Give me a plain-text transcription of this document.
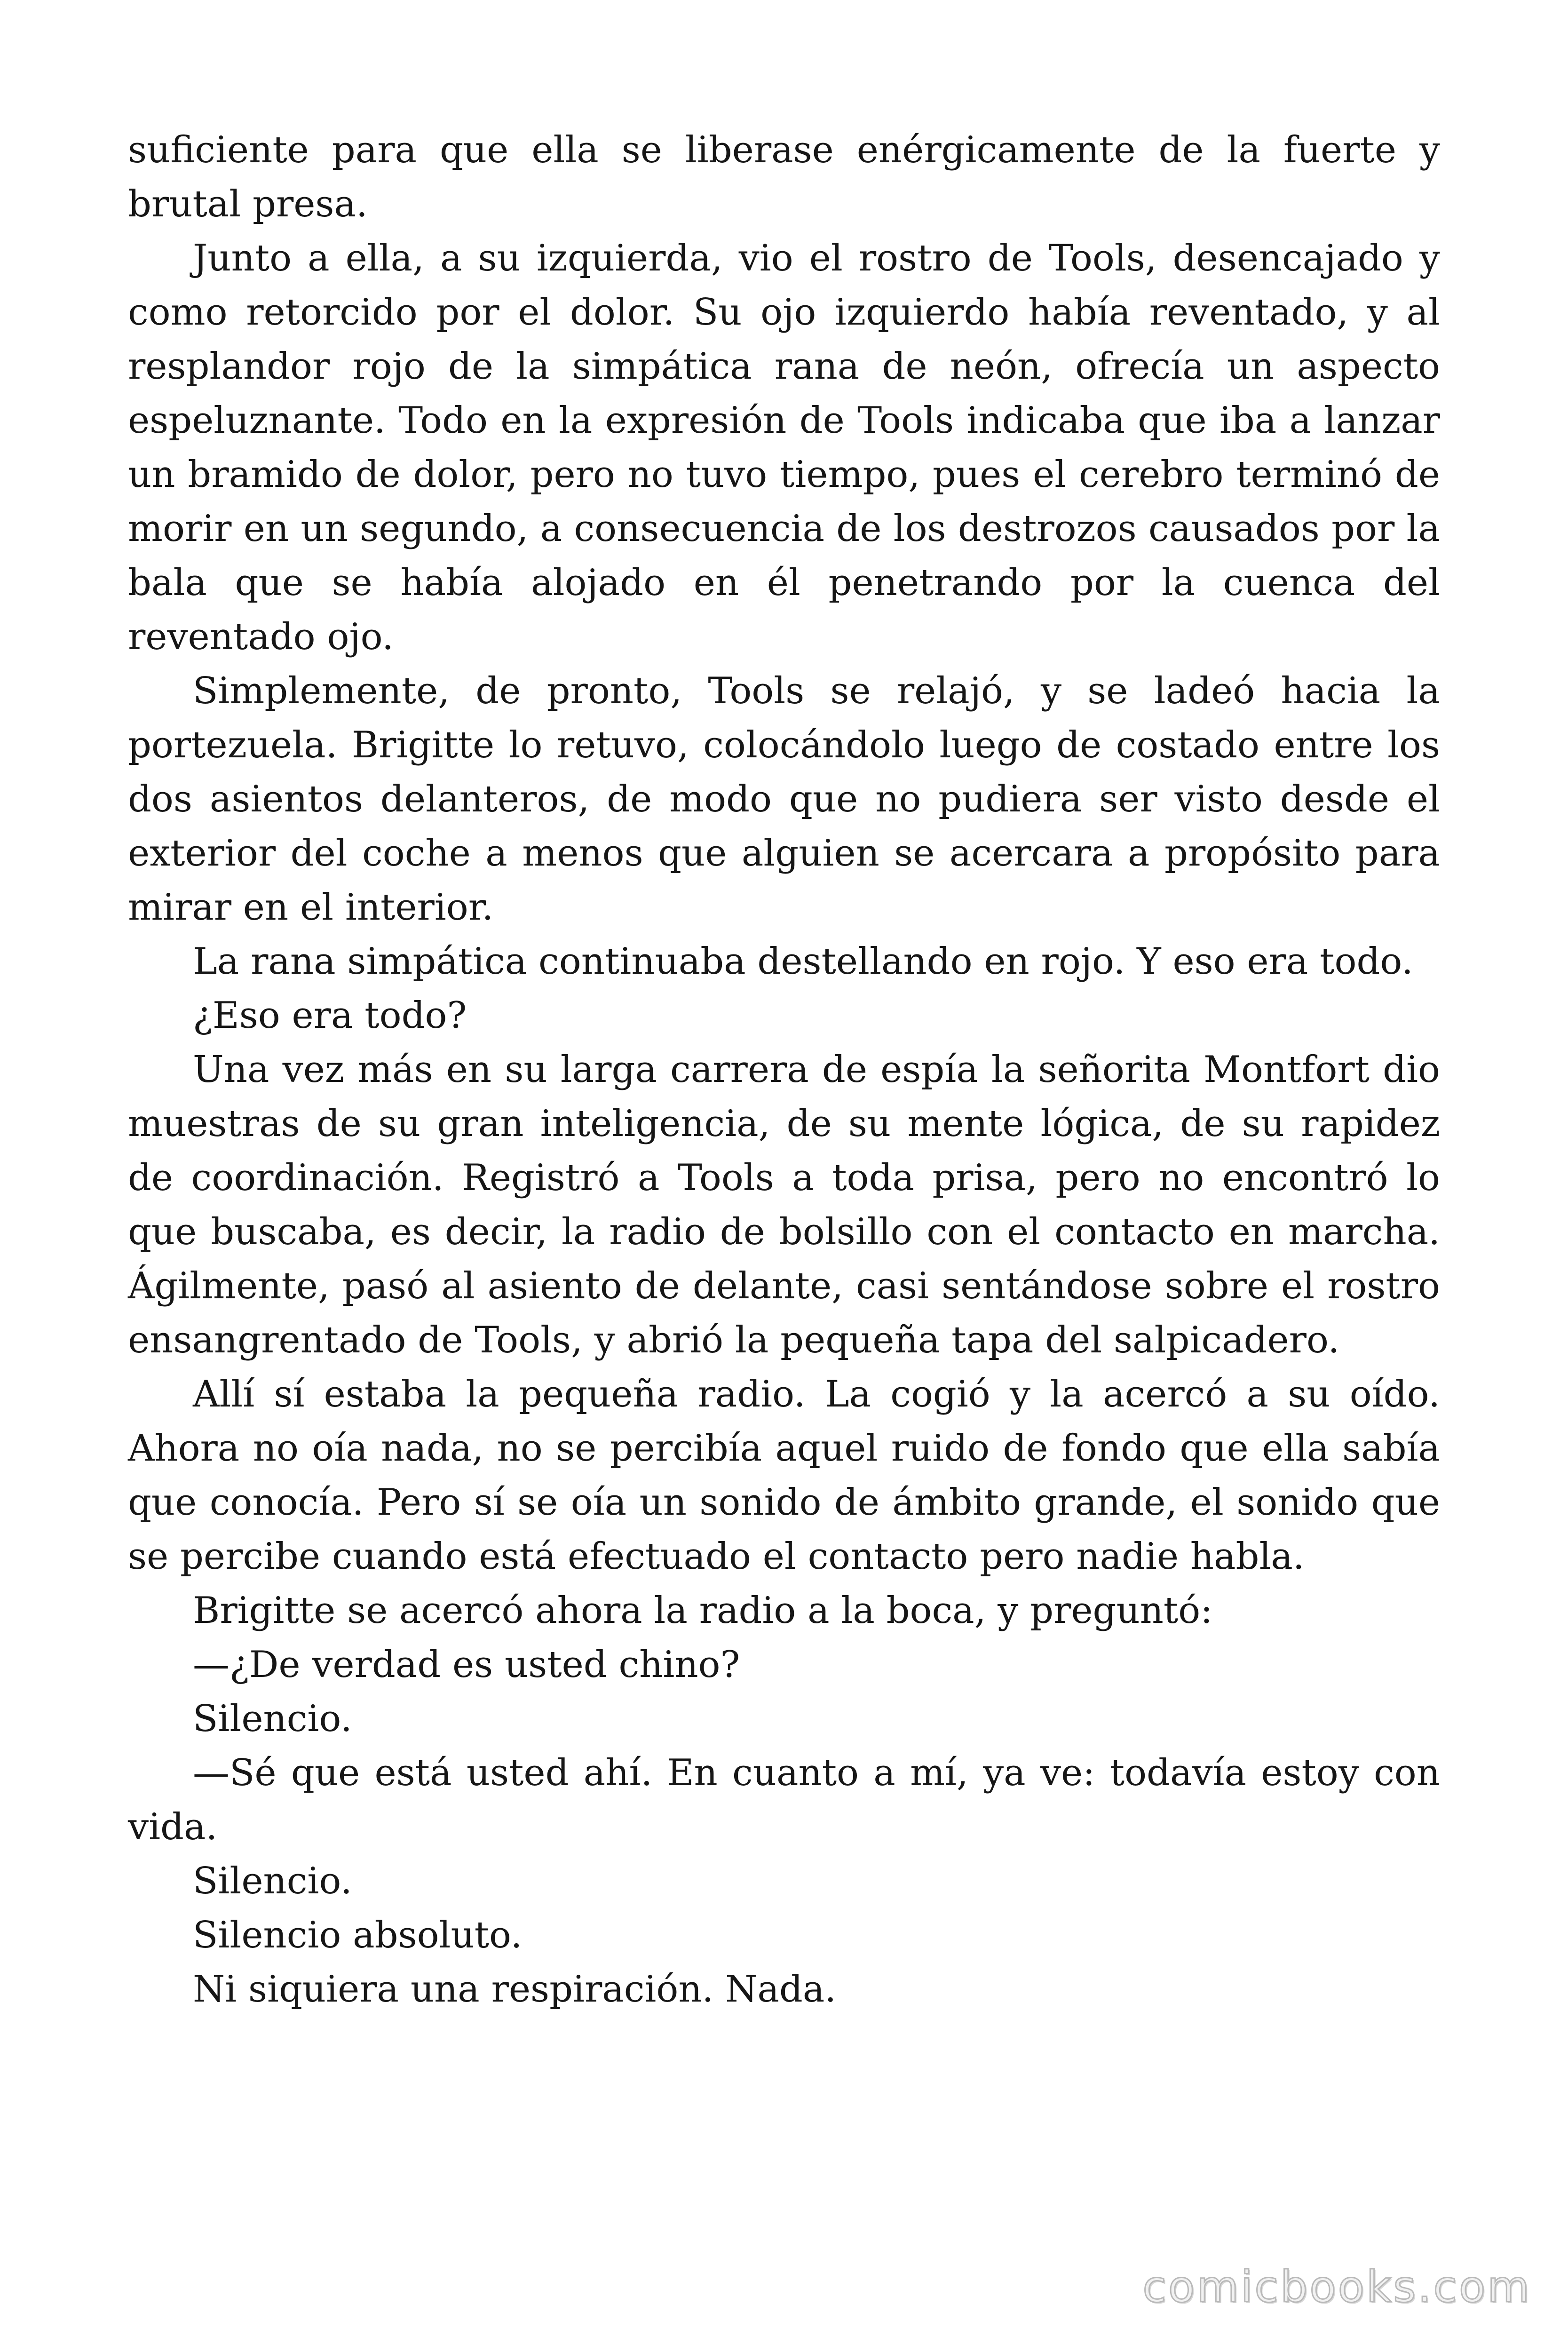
suficiente para que ella se liberase enérgicamente de la fuerte y brutal presa.

Junto a ella, a su izquierda, vio el rostro de Tools, desencajado y como retorcido por el dolor. Su ojo izquierdo había reventado, y al resplandor rojo de la simpática rana de neón, ofrecía un aspecto espeluznante. Todo en la expresión de Tools indicaba que iba a lanzar un bramido de dolor, pero no tuvo tiempo, pues el cerebro terminó de morir en un segundo, a consecuencia de los destrozos causados por la bala que se había alojado en él penetrando por la cuenca del reventado ojo.

Simplemente, de pronto, Tools se relajó, y se ladeó hacia la portezuela. Brigitte lo retuvo, colocándolo luego de costado entre los dos asientos delanteros, de modo que no pudiera ser visto desde el exterior del coche a menos que alguien se acercara a propósito para mirar en el interior.

La rana simpática continuaba destellando en rojo. Y eso era todo.

¿Eso era todo?

Una vez más en su larga carrera de espía la señorita Montfort dio muestras de su gran inteligencia, de su mente lógica, de su rapidez de coordinación. Registró a Tools a toda prisa, pero no encontró lo que buscaba, es decir, la radio de bolsillo con el contacto en marcha. Ágilmente, pasó al asiento de delante, casi sentándose sobre el rostro ensangrentado de Tools, y abrió la pequeña tapa del salpicadero.

Allí sí estaba la pequeña radio. La cogió y la acercó a su oído. Ahora no oía nada, no se percibía aquel ruido de fondo que ella sabía que conocía. Pero sí se oía un sonido de ámbito grande, el sonido que se percibe cuando está efectuado el contacto pero nadie habla.

Brigitte se acercó ahora la radio a la boca, y preguntó:

—¿De verdad es usted chino?

Silencio.

—Sé que está usted ahí. En cuanto a mí, ya ve: todavía estoy con vida.

Silencio.

Silencio absoluto.

Ni siquiera una respiración. Nada.

comicbooks.com
